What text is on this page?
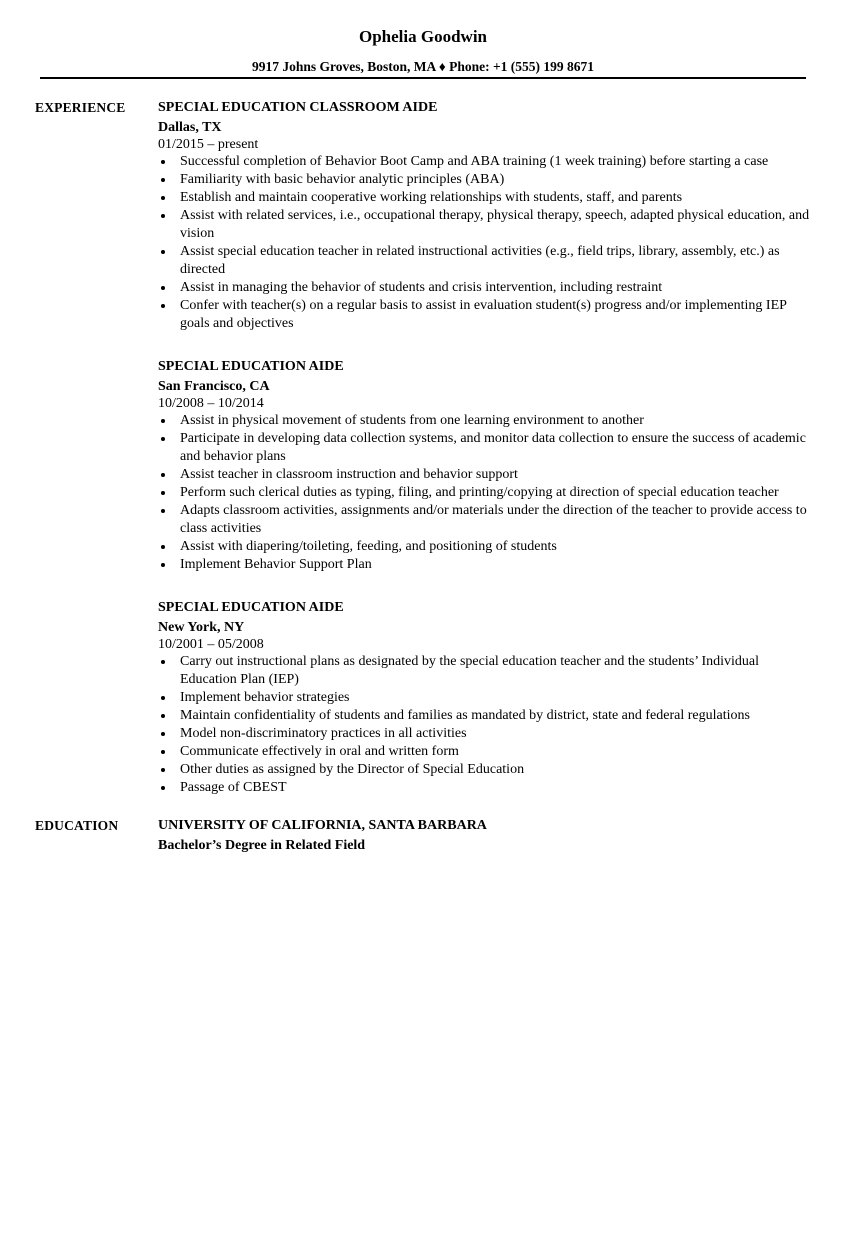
Ophelia Goodwin
9917 Johns Groves, Boston, MA ♦ Phone: +1 (555) 199 8671
EXPERIENCE SPECIAL EDUCATION CLASSROOM AIDE
Dallas, TX
01/2015 – present
Successful completion of Behavior Boot Camp and ABA training (1 week training) before starting a case
Familiarity with basic behavior analytic principles (ABA)
Establish and maintain cooperative working relationships with students, staff, and parents
Assist with related services, i.e., occupational therapy, physical therapy, speech, adapted physical education, and vision
Assist special education teacher in related instructional activities (e.g., field trips, library, assembly, etc.) as directed
Assist in managing the behavior of students and crisis intervention, including restraint
Confer with teacher(s) on a regular basis to assist in evaluation student(s) progress and/or implementing IEP goals and objectives
SPECIAL EDUCATION AIDE
San Francisco, CA
10/2008 – 10/2014
Assist in physical movement of students from one learning environment to another
Participate in developing data collection systems, and monitor data collection to ensure the success of academic and behavior plans
Assist teacher in classroom instruction and behavior support
Perform such clerical duties as typing, filing, and printing/copying at direction of special education teacher
Adapts classroom activities, assignments and/or materials under the direction of the teacher to provide access to class activities
Assist with diapering/toileting, feeding, and positioning of students
Implement Behavior Support Plan
SPECIAL EDUCATION AIDE
New York, NY
10/2001 – 05/2008
Carry out instructional plans as designated by the special education teacher and the students’ Individual Education Plan (IEP)
Implement behavior strategies
Maintain confidentiality of students and families as mandated by district, state and federal regulations
Model non-discriminatory practices in all activities
Communicate effectively in oral and written form
Other duties as assigned by the Director of Special Education
Passage of CBEST
EDUCATION	UNIVERSITY OF CALIFORNIA, SANTA BARBARA
Bachelor’s Degree in Related Field
